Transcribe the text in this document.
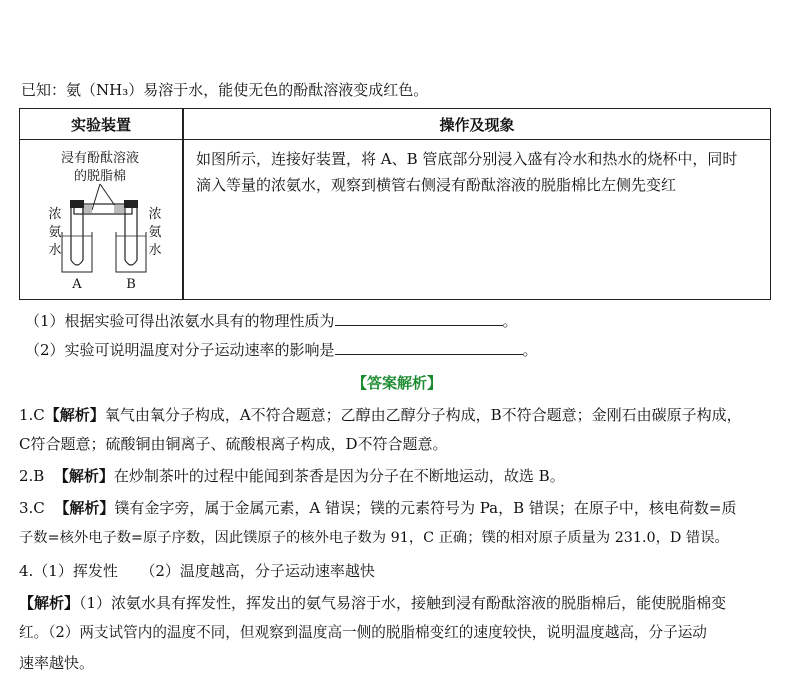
已知：氨（NH₃）易溶于水，能使无色的酚酞溶液变成红色。
实验装置	操作及现象
浸有酚酞溶液
的脱脂棉
浓
氨
水
浓
氨
水
A	B
如图所示，连接好装置，将 A、B 管底部分别浸入盛有冷水和热水的烧杯中，同时
滴入等量的浓氨水，观察到横管右侧浸有酚酞溶液的脱脂棉比左侧先变红
（1）根据实验可得出浓氨水具有的物理性质为	。
（2）实验可说明温度对分子运动速率的影响是	。
【答案解析】
1.C【解析】氧气由氧分子构成，A不符合题意；乙醇由乙醇分子构成，B不符合题意；金刚石由碳原子构成，
C符合题意；硫酸铜由铜离子、硫酸根离子构成，D不符合题意。
2.B 【解析】在炒制茶叶的过程中能闻到茶香是因为分子在不断地运动，故选 B。
3.C 【解析】镤有金字旁，属于金属元素，A 错误；镤的元素符号为 Pa，B 错误；在原子中，核电荷数=质
子数=核外电子数=原子序数，因此镤原子的核外电子数为 91，C 正确；镤的相对原子质量为 231.0，D 错误。
4.（1）挥发性　　（2）温度越高，分子运动速率越快
【解析】（1）浓氨水具有挥发性，挥发出的氨气易溶于水，接触到浸有酚酞溶液的脱脂棉后，能使脱脂棉变
红。（2）两支试管内的温度不同，但观察到温度高一侧的脱脂棉变红的速度较快，说明温度越高，分子运动
速率越快。
